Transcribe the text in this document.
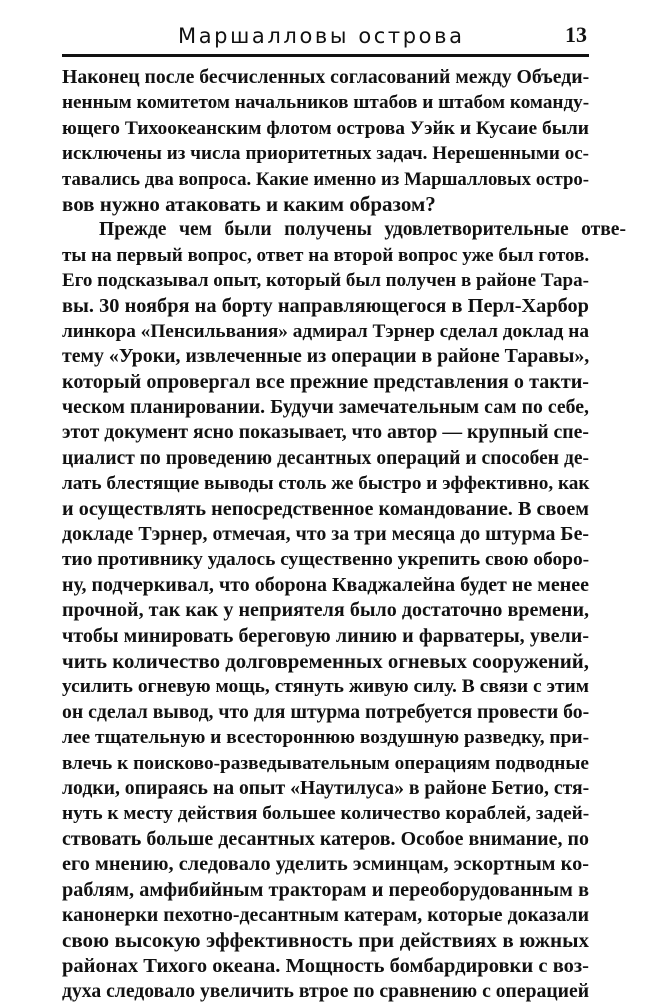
Маршалловы острова	13
Наконец после бесчисленных согласований между Объеди-
ненным комитетом начальников штабов и штабом команду-
ющего Тихоокеанским флотом острова Уэйк и Кусаие были
исключены из числа приоритетных задач. Нерешенными ос-
тавались два вопроса. Какие именно из Маршалловых остро-
вов нужно атаковать и каким образом?
Прежде чем были получены удовлетворительные отве-
ты на первый вопрос, ответ на второй вопрос уже был готов.
Его подсказывал опыт, который был получен в районе Тара-
вы. 30 ноября на борту направляющегося в Перл-Харбор
линкора «Пенсильвания» адмирал Тэрнер сделал доклад на
тему «Уроки, извлеченные из операции в районе Таравы»,
который опровергал все прежние представления о такти-
ческом планировании. Будучи замечательным сам по себе,
этот документ ясно показывает, что автор — крупный спе-
циалист по проведению десантных операций и способен де-
лать блестящие выводы столь же быстро и эффективно, как
и осуществлять непосредственное командование. В своем
докладе Тэрнер, отмечая, что за три месяца до штурма Бе-
тио противнику удалось существенно укрепить свою оборо-
ну, подчеркивал, что оборона Кваджалейна будет не менее
прочной, так как у неприятеля было достаточно времени,
чтобы минировать береговую линию и фарватеры, увели-
чить количество долговременных огневых сооружений,
усилить огневую мощь, стянуть живую силу. В связи с этим
он сделал вывод, что для штурма потребуется провести бо-
лее тщательную и всестороннюю воздушную разведку, при-
влечь к поисково-разведывательным операциям подводные
лодки, опираясь на опыт «Наутилуса» в районе Бетио, стя-
нуть к месту действия большее количество кораблей, задей-
ствовать больше десантных катеров. Особое внимание, по
его мнению, следовало уделить эсминцам, эскортным ко-
раблям, амфибийным тракторам и переоборудованным в
канонерки пехотно-десантным катерам, которые доказали
свою высокую эффективность при действиях в южных
районах Тихого океана. Мощность бомбардировки с воз-
духа следовало увеличить втрое по сравнению с операцией
